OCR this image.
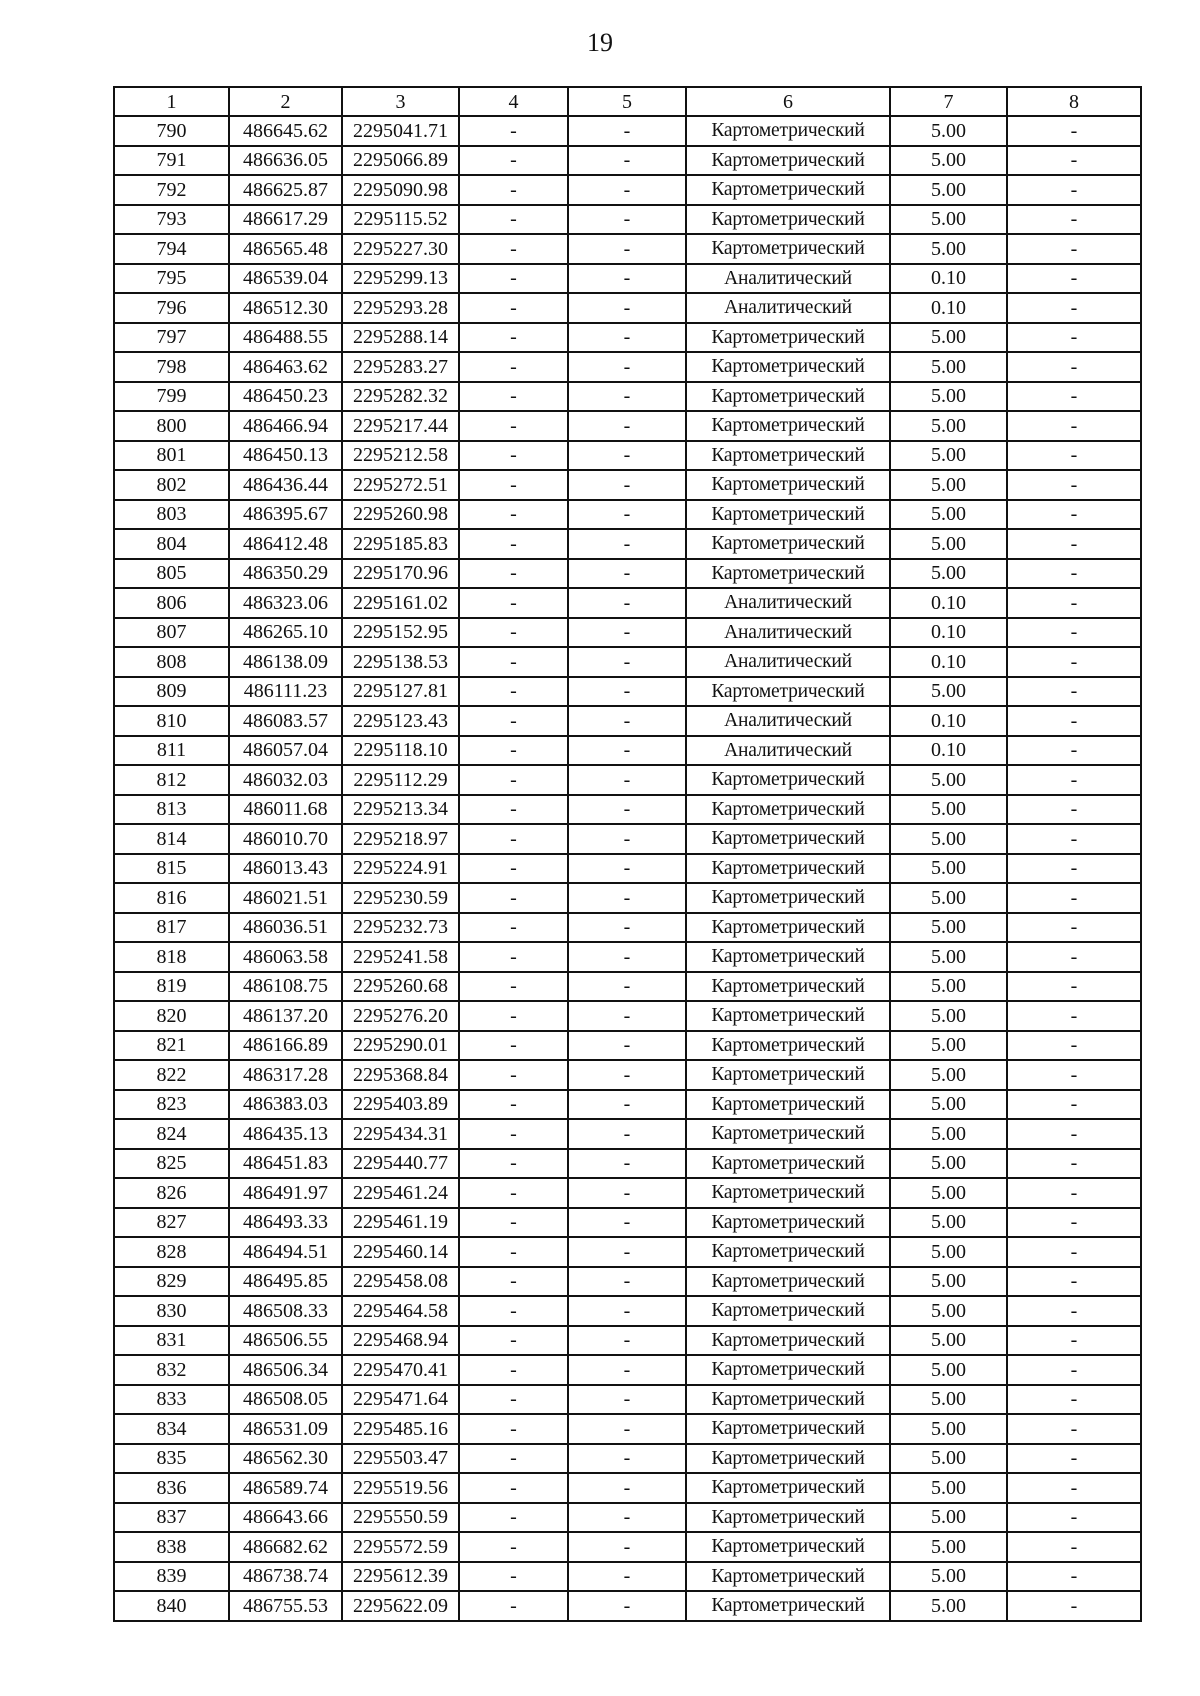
19
1	2	3	4	5	6	7	8
790	486645.62	2295041.71	-	-	Картометрический	5.00	-
791	486636.05	2295066.89	-	-	Картометрический	5.00	-
792	486625.87	2295090.98	-	-	Картометрический	5.00	-
793	486617.29	2295115.52	-	-	Картометрический	5.00	-
794	486565.48	2295227.30	-	-	Картометрический	5.00	-
795	486539.04	2295299.13	-	-	Аналитический	0.10	-
796	486512.30	2295293.28	-	-	Аналитический	0.10	-
797	486488.55	2295288.14	-	-	Картометрический	5.00	-
798	486463.62	2295283.27	-	-	Картометрический	5.00	-
799	486450.23	2295282.32	-	-	Картометрический	5.00	-
800	486466.94	2295217.44	-	-	Картометрический	5.00	-
801	486450.13	2295212.58	-	-	Картометрический	5.00	-
802	486436.44	2295272.51	-	-	Картометрический	5.00	-
803	486395.67	2295260.98	-	-	Картометрический	5.00	-
804	486412.48	2295185.83	-	-	Картометрический	5.00	-
805	486350.29	2295170.96	-	-	Картометрический	5.00	-
806	486323.06	2295161.02	-	-	Аналитический	0.10	-
807	486265.10	2295152.95	-	-	Аналитический	0.10	-
808	486138.09	2295138.53	-	-	Аналитический	0.10	-
809	486111.23	2295127.81	-	-	Картометрический	5.00	-
810	486083.57	2295123.43	-	-	Аналитический	0.10	-
811	486057.04	2295118.10	-	-	Аналитический	0.10	-
812	486032.03	2295112.29	-	-	Картометрический	5.00	-
813	486011.68	2295213.34	-	-	Картометрический	5.00	-
814	486010.70	2295218.97	-	-	Картометрический	5.00	-
815	486013.43	2295224.91	-	-	Картометрический	5.00	-
816	486021.51	2295230.59	-	-	Картометрический	5.00	-
817	486036.51	2295232.73	-	-	Картометрический	5.00	-
818	486063.58	2295241.58	-	-	Картометрический	5.00	-
819	486108.75	2295260.68	-	-	Картометрический	5.00	-
820	486137.20	2295276.20	-	-	Картометрический	5.00	-
821	486166.89	2295290.01	-	-	Картометрический	5.00	-
822	486317.28	2295368.84	-	-	Картометрический	5.00	-
823	486383.03	2295403.89	-	-	Картометрический	5.00	-
824	486435.13	2295434.31	-	-	Картометрический	5.00	-
825	486451.83	2295440.77	-	-	Картометрический	5.00	-
826	486491.97	2295461.24	-	-	Картометрический	5.00	-
827	486493.33	2295461.19	-	-	Картометрический	5.00	-
828	486494.51	2295460.14	-	-	Картометрический	5.00	-
829	486495.85	2295458.08	-	-	Картометрический	5.00	-
830	486508.33	2295464.58	-	-	Картометрический	5.00	-
831	486506.55	2295468.94	-	-	Картометрический	5.00	-
832	486506.34	2295470.41	-	-	Картометрический	5.00	-
833	486508.05	2295471.64	-	-	Картометрический	5.00	-
834	486531.09	2295485.16	-	-	Картометрический	5.00	-
835	486562.30	2295503.47	-	-	Картометрический	5.00	-
836	486589.74	2295519.56	-	-	Картометрический	5.00	-
837	486643.66	2295550.59	-	-	Картометрический	5.00	-
838	486682.62	2295572.59	-	-	Картометрический	5.00	-
839	486738.74	2295612.39	-	-	Картометрический	5.00	-
840	486755.53	2295622.09	-	-	Картометрический	5.00	-
